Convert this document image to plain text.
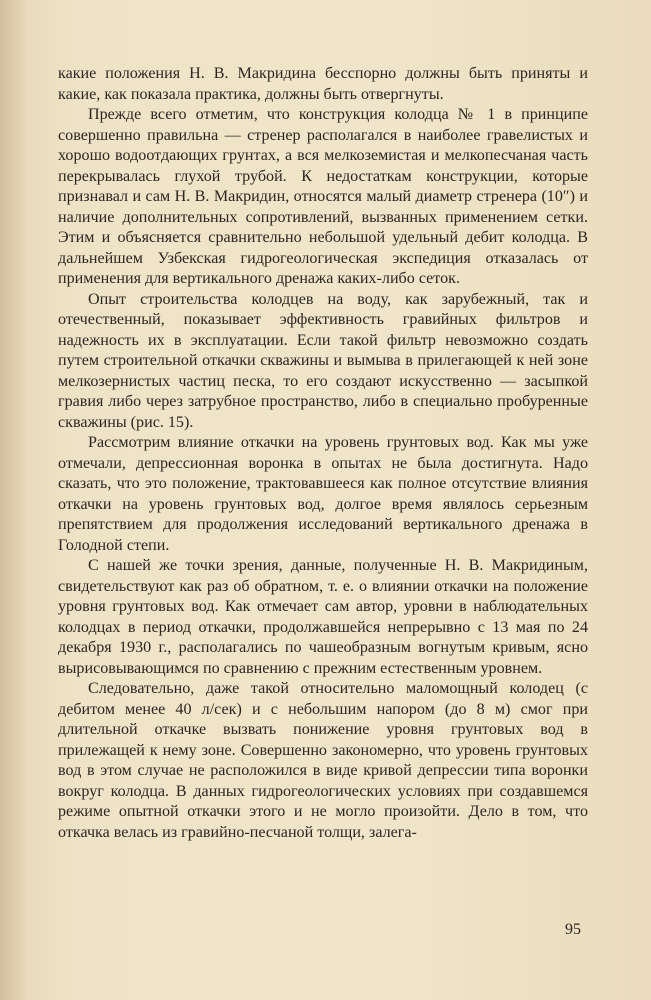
какие положения Н. В. Макридина бесспорно должны быть приняты и какие, как показала практика, должны быть отвергнуты.

Прежде всего отметим, что конструкция колодца № 1 в принципе совершенно правильна — стренер располагался в наиболее гравелистых и хорошо водоотдающих грунтах, а вся мелкоземистая и мелкопесчаная часть перекрывалась глухой трубой. К недостаткам конструкции, которые признавал и сам Н. В. Макридин, относятся малый диаметр стренера (10″) и наличие дополнительных сопротивлений, вызванных применением сетки. Этим и объясняется сравнительно небольшой удельный дебит колодца. В дальнейшем Узбекская гидрогеологическая экспедиция отказалась от применения для вертикального дренажа каких-либо сеток.

Опыт строительства колодцев на воду, как зарубежный, так и отечественный, показывает эффективность гравийных фильтров и надежность их в эксплуатации. Если такой фильтр невозможно создать путем строительной откачки скважины и вымыва в прилегающей к ней зоне мелкозернистых частиц песка, то его создают искусственно — засыпкой гравия либо через затрубное пространство, либо в специально пробуренные скважины (рис. 15).

Рассмотрим влияние откачки на уровень грунтовых вод. Как мы уже отмечали, депрессионная воронка в опытах не была достигнута. Надо сказать, что это положение, трактовавшееся как полное отсутствие влияния откачки на уровень грунтовых вод, долгое время являлось серьезным препятствием для продолжения исследований вертикального дренажа в Голодной степи.

С нашей же точки зрения, данные, полученные Н. В. Макридиным, свидетельствуют как раз об обратном, т. е. о влиянии откачки на положение уровня грунтовых вод. Как отмечает сам автор, уровни в наблюдательных колодцах в период откачки, продолжавшейся непрерывно с 13 мая по 24 декабря 1930 г., располагались по чашеобразным вогнутым кривым, ясно вырисовывающимся по сравнению с прежним естественным уровнем.

Следовательно, даже такой относительно маломощный колодец (с дебитом менее 40 л/сек) и с небольшим напором (до 8 м) смог при длительной откачке вызвать понижение уровня грунтовых вод в прилежащей к нему зоне. Совершенно закономерно, что уровень грунтовых вод в этом случае не расположился в виде кривой депрессии типа воронки вокруг колодца. В данных гидрогеологических условиях при создавшемся режиме опытной откачки этого и не могло произойти. Дело в том, что откачка велась из гравийно-песчаной толщи, залега-

95
